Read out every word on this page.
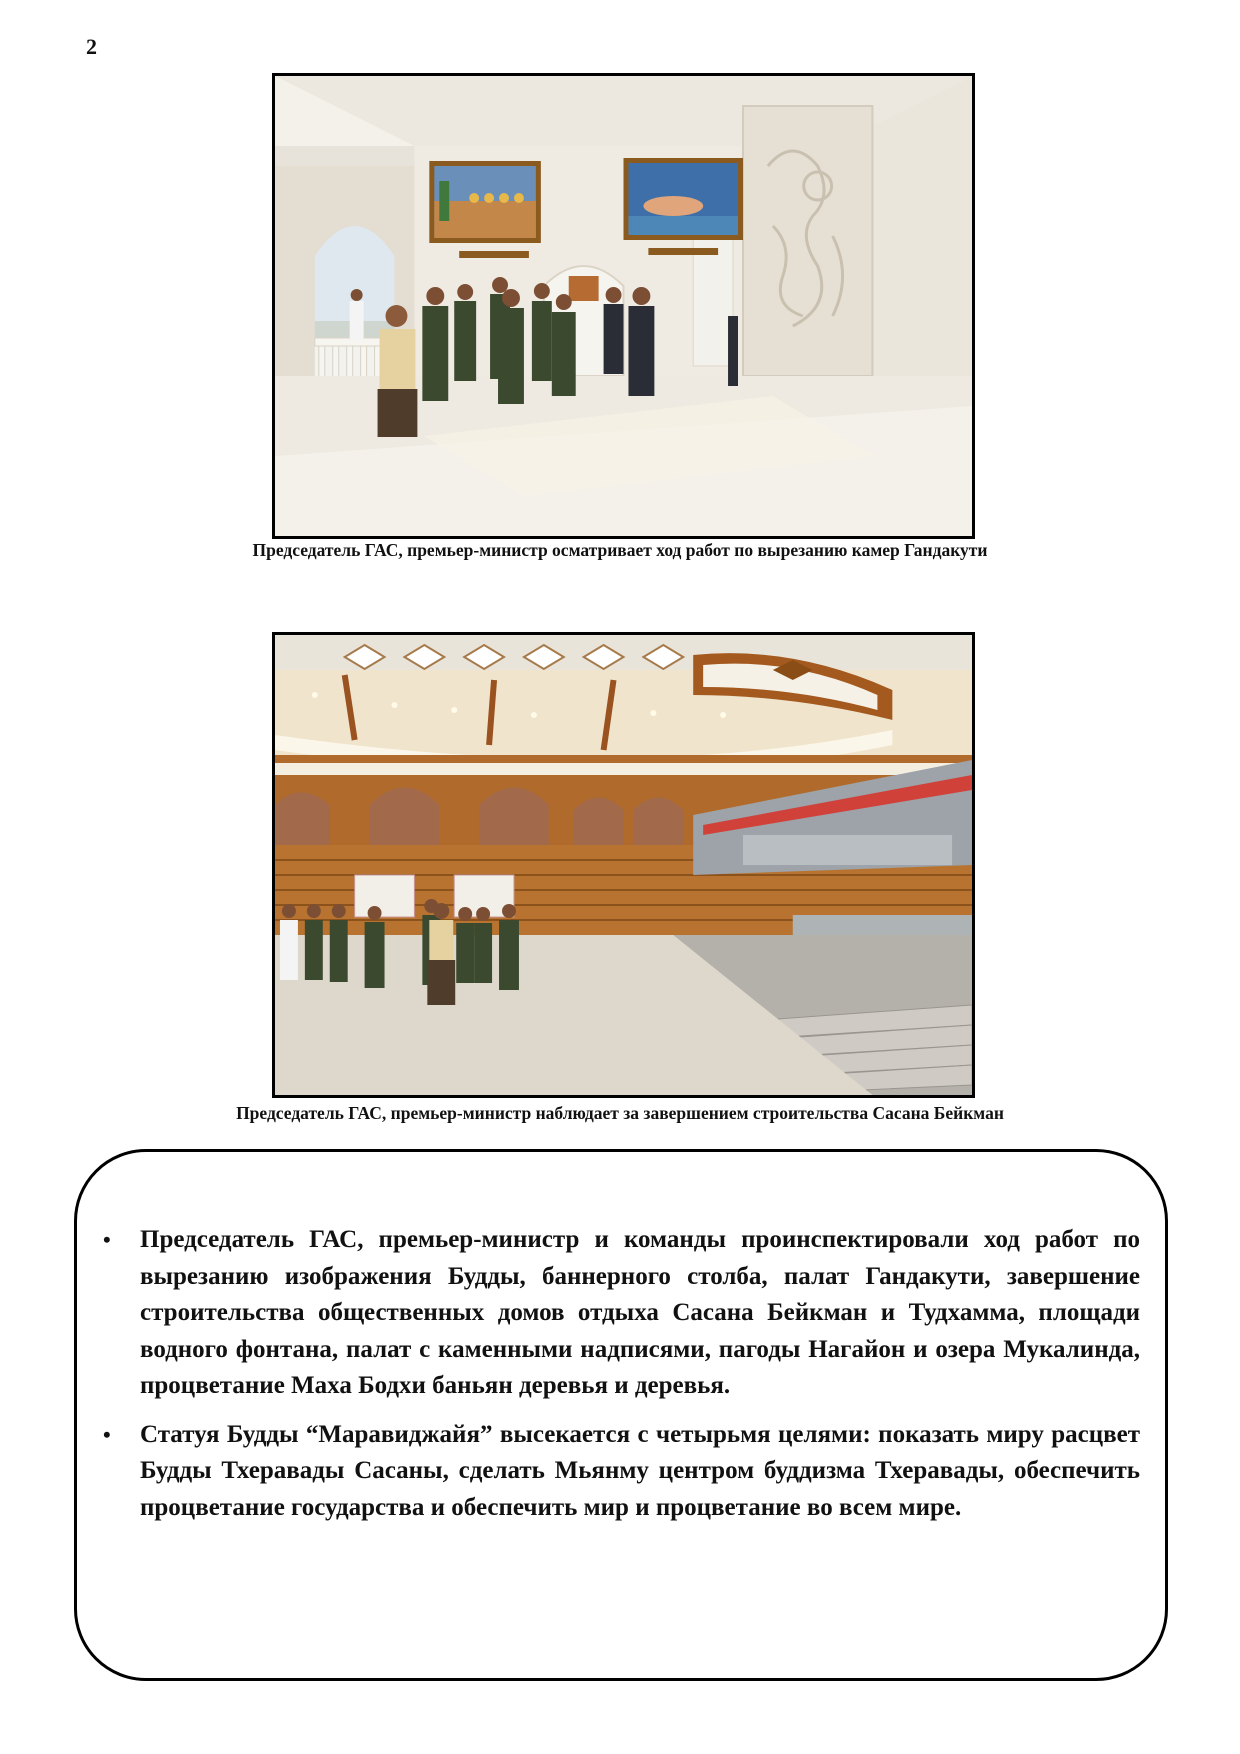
2
Председатель ГАС, премьер-министр осматривает ход работ по вырезанию камер Гандакути
Председатель ГАС, премьер-министр наблюдает за завершением строительства Сасана Бейкман
• Председатель ГАС, премьер-министр и команды проинспектировали ход работ по вырезанию изображения Будды, баннерного столба, палат Гандакути, завершение строительства общественных домов отдыха Сасана Бейкман и Тудхамма, площади водного фонтана, палат с каменными надписями, пагоды Нагайон и озера Мукалинда, процветание Маха Бодхи баньян деревья и деревья.
• Статуя Будды “Маравиджайя” высекается с четырьмя целями: показать миру расцвет Будды Тхеравады Сасаны, сделать Мьянму центром буддизма Тхеравады, обеспечить процветание государства и обеспечить мир и процветание во всем мире.
